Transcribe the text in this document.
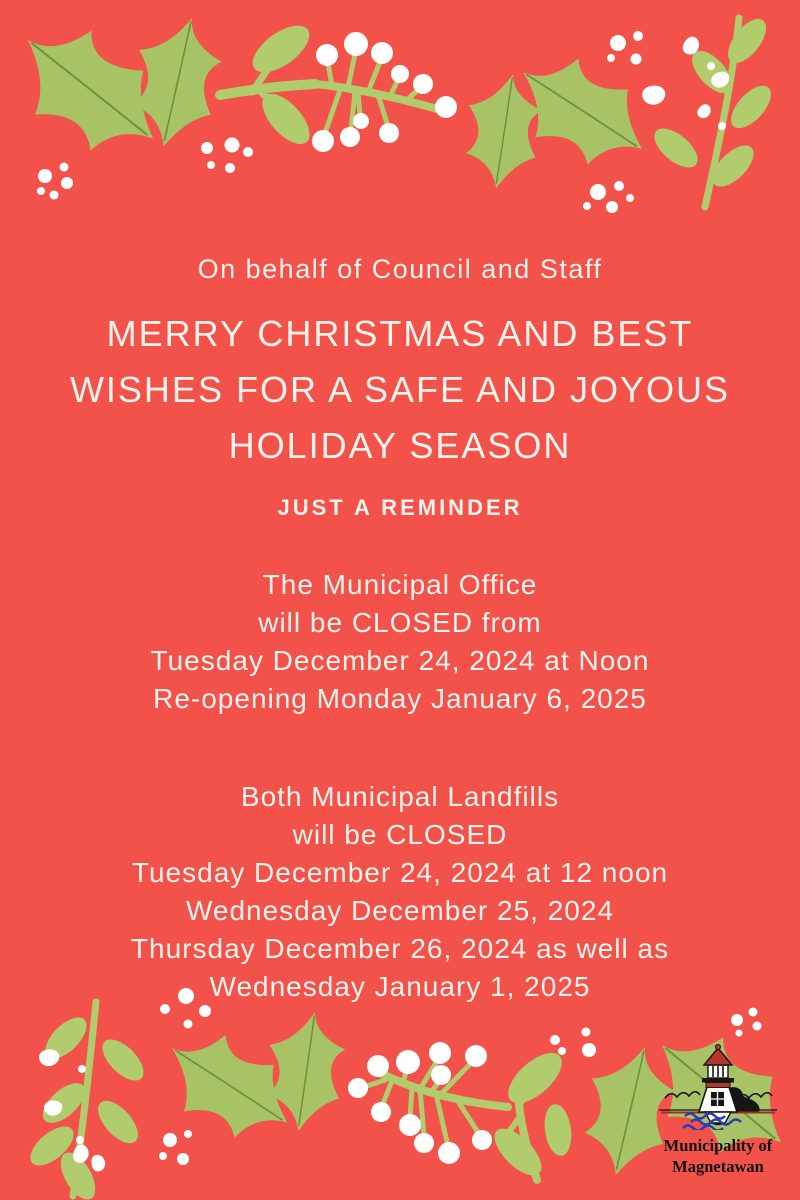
On behalf of Council and Staff
MERRY CHRISTMAS AND BEST
WISHES FOR A SAFE AND JOYOUS
HOLIDAY SEASON
JUST A REMINDER
The Municipal Office
will be CLOSED from
Tuesday December 24, 2024 at Noon
Re-opening Monday January 6, 2025
Both Municipal Landfills
will be CLOSED
Tuesday December 24, 2024 at 12 noon
Wednesday December 25, 2024
Thursday December 26, 2024 as well as
Wednesday January 1, 2025
Municipality of
Magnetawan
